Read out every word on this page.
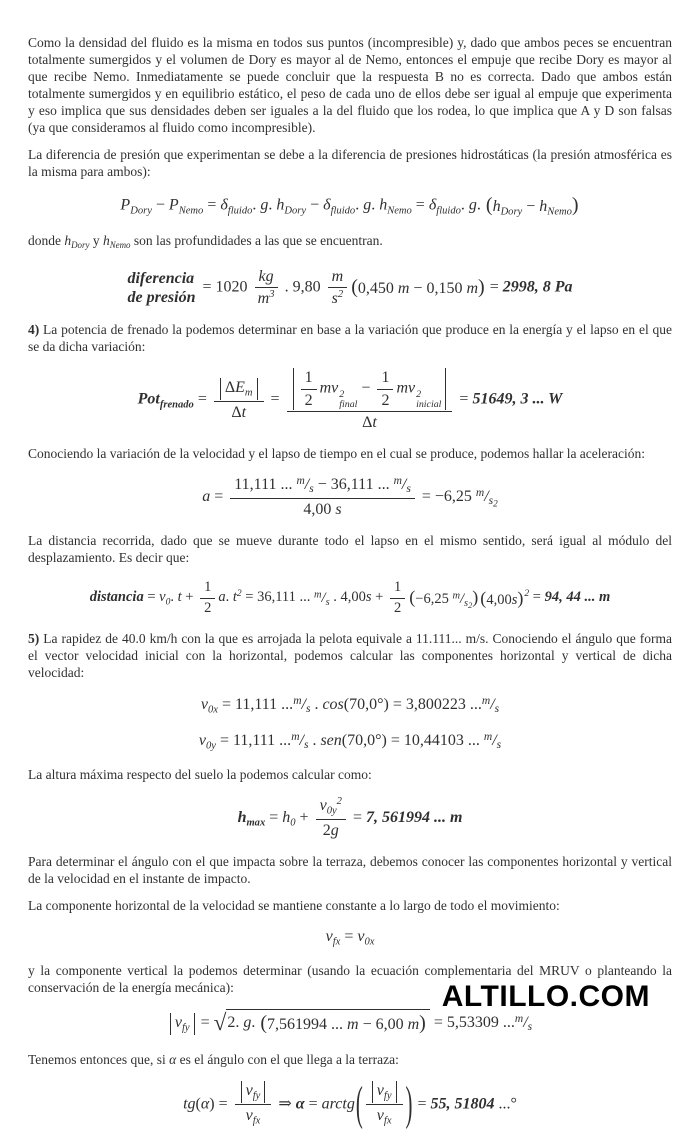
Como la densidad del fluido es la misma en todos sus puntos (incompresible) y, dado que ambos peces se encuentran totalmente sumergidos y el volumen de Dory es mayor al de Nemo, entonces el empuje que recibe Dory es mayor al que recibe Nemo. Inmediatamente se puede concluir que la respuesta B no es correcta. Dado que ambos están totalmente sumergidos y en equilibrio estático, el peso de cada uno de ellos debe ser igual al empuje que experimenta y eso implica que sus densidades deben ser iguales a la del fluido que los rodea, lo que implica que A y D son falsas (ya que consideramos al fluido como incompresible).
La diferencia de presión que experimentan se debe a la diferencia de presiones hidrostáticas (la presión atmosférica es la misma para ambos):
$P_{Dory} - P_{Nemo} = \delta_{fluido}$. g. $h_{Dory} - \delta_{fluido}$. g. $h_{Nemo} = \delta_{fluido}$. g. $(h_{Dory} - h_{Nemo})$
donde $h_{Dory}$ y $h_{Nemo}$ son las profundidades a las que se encuentran.
diferencia
de presión
= $1020 \frac{kg}{m^3}$ . $9,80 \frac{m}{s^2} (0,450$ m − 0,150 m) = 2998, 8 Pa
4) La potencia de frenado la podemos determinar en base a la variación que produce en la energía y el lapso en el que se da dicha variación:
$Pot_{frenado} = \frac{\Delta E_m}{\Delta t} = \frac{1}{2}$ mv 2
final
− $\frac{1}{2}$ mv 2
inicial
Δt = 51649, 3 ... W
Conociendo la variación de la velocidad y el lapso de tiempo en el cual se produce, podemos hallar la aceleración:
$a = \frac{11,111 ... ^m/_s - 36,111 ... ^m/_s}{4,00 s} = -6,25$ $^m/_{s_2}$
La distancia recorrida, dado que se mueve durante todo el lapso en el mismo sentido, será igual al módulo del desplazamiento. Es decir que:
distancia = $v_0$. $t + \frac{1}{2} a$. $t^2 = 36,111$ ... $^m/_s$ . $4,00s + \frac{1}{2} (-6,25$ $^m/_{s_2}$) $(4,00s)^2 = 94$, 44 ... m
5) La rapidez de 40.0 km/h con la que es arrojada la pelota equivale a 11.111... m/s. Conociendo el ángulo que forma el vector velocidad inicial con la horizontal, podemos calcular las componentes horizontal y vertical de dicha velocidad:
$v_{0x} = 11,111$ $...^m/_s$ . cos(70,0°) = 3,800223 $...^m/_s$
$v_{0y} = 11,111$ $...^m/_s$ . sen(70,0°) = 10,44103 ... $^m/_s$
La altura máxima respecto del suelo la podemos calcular como:
$h_{max} = h_0 + \frac{v_{0y}^2}{2g} = 7$, 561994 ... m
Para determinar el ángulo con el que impacta sobre la terraza, debemos conocer las componentes horizontal y vertical de la velocidad en el instante de impacto.
La componente horizontal de la velocidad se mantiene constante a lo largo de todo el movimiento:
$v_{fx} = v_{0x}$
y la componente vertical la podemos determinar (usando la ecuación complementaria del MRUV o planteando la conservación de la energía mecánica):
$v_{fy} = √2$. g. (7,561994 ... m − 6,00 m) = 5,53309 $...^m/_s$
Tenemos entonces que, si α es el ángulo con el que llega a la terraza:
$tg(\alpha) = \frac{v_{fy}}{v_{fx}}$ ⇒ α = arctg( $\frac{v_{fy}}{v_{fx}}$ ) = 55, 51804 ...°
ALTILLO.COM
